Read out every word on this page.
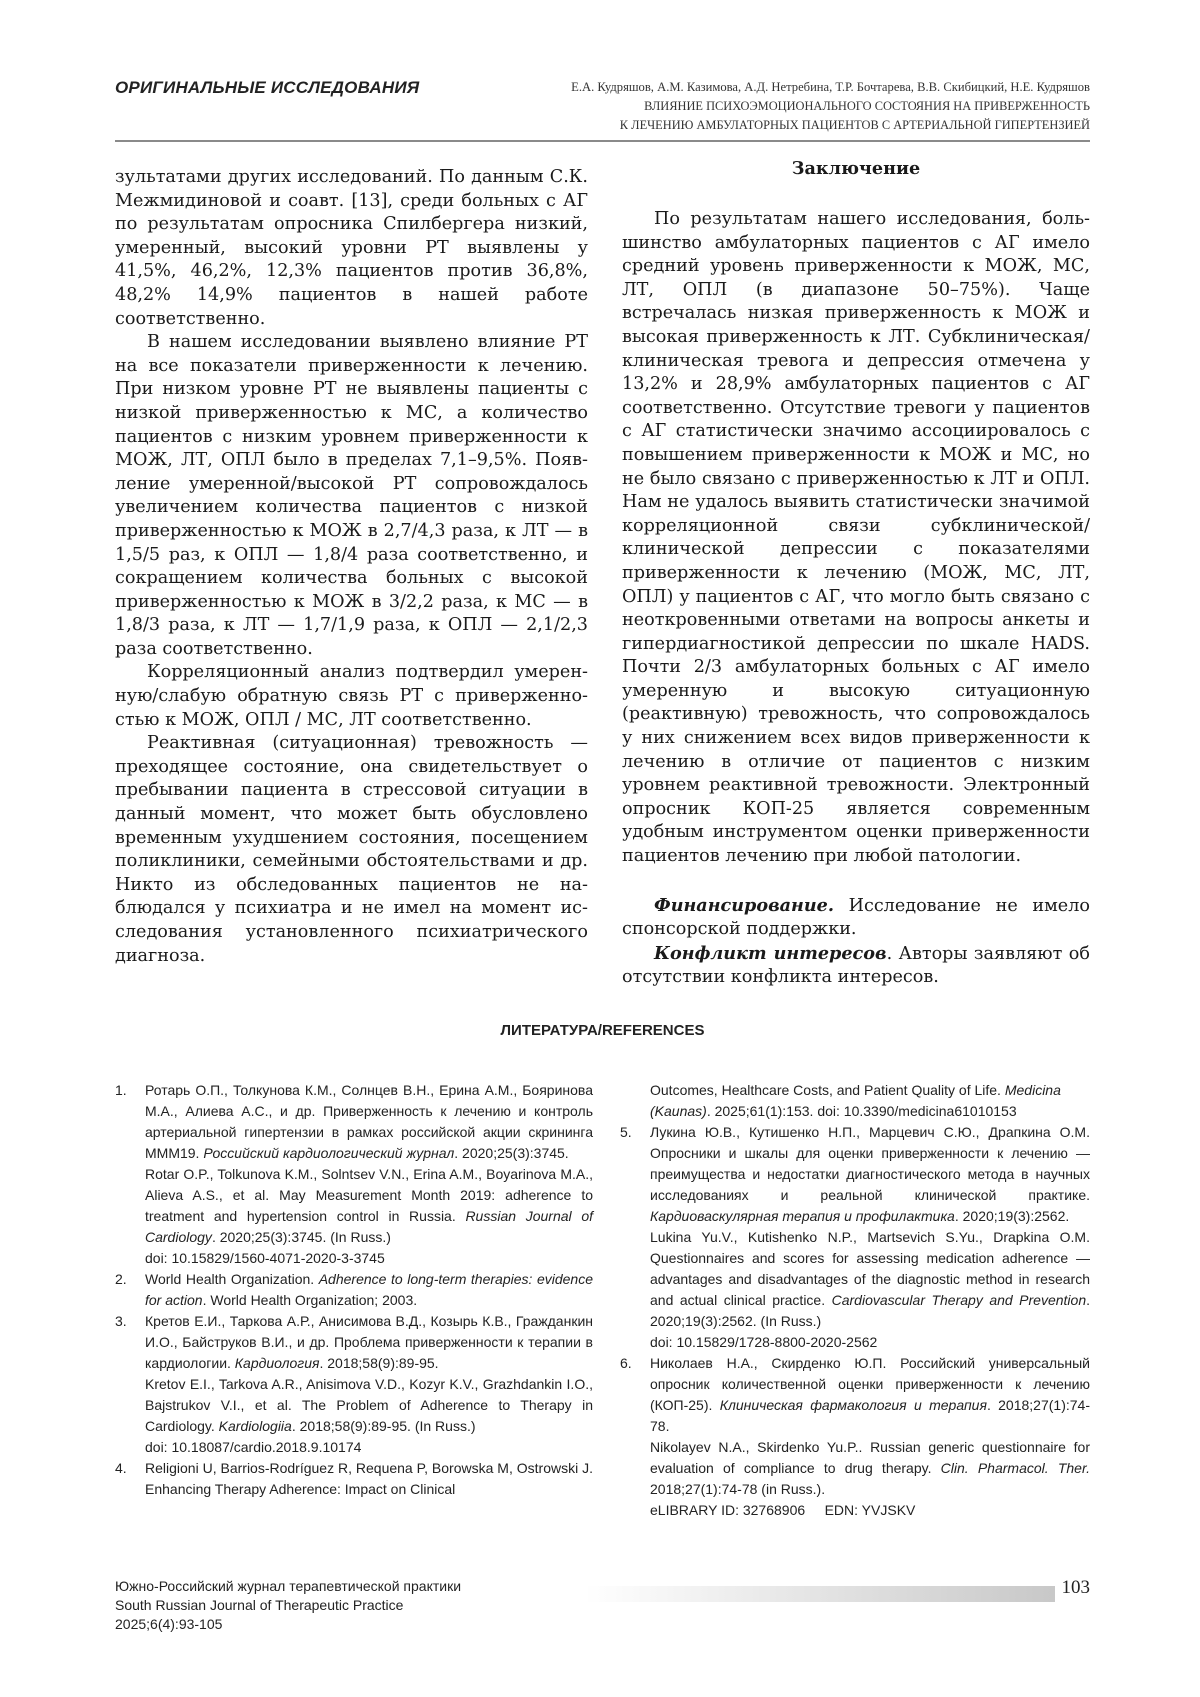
ОРИГИНАЛЬНЫЕ ИССЛЕДОВАНИЯ	Е.А. Кудряшов, А.М. Казимова, А.Д. Нетребина, Т.Р. Бочтарева, В.В. Скибицкий, Н.Е. Кудряшов
ВЛИЯНИЕ ПСИХОЭМОЦИОНАЛЬНОГО СОСТОЯНИЯ НА ПРИВЕРЖЕННОСТЬ
К ЛЕЧЕНИЮ АМБУЛАТОРНЫХ ПАЦИЕНТОВ С АРТЕРИАЛЬНОЙ ГИПЕРТЕНЗИЕЙ

зультатами других исследований. По данным С.К. Межмидиновой и соавт. [13], среди больных с АГ по результатам опросника Спилбергера низкий, умеренный, высокий уровни РТ выявлены у 41,5%, 46,2%, 12,3% пациентов против 36,8%, 48,2% 14,9% пациентов в нашей работе соответственно.

В нашем исследовании выявлено влияние РТ на все показатели приверженности к лечению. При низком уровне РТ не выявлены пациенты с низкой приверженностью к МС, а количество пациентов с низким уровнем приверженности к МОЖ, ЛТ, ОПЛ было в пределах 7,1–9,5%. Появление умеренной/высокой РТ сопровождалось увеличением количества пациентов с низкой приверженностью к МОЖ в 2,7/4,3 раза, к ЛТ — в 1,5/5 раз, к ОПЛ — 1,8/4 раза соответственно, и сокращением количества больных с высокой приверженностью к МОЖ в 3/2,2 раза, к МС — в 1,8/3 раза, к ЛТ — 1,7/1,9 раза, к ОПЛ — 2,1/2,3 раза соответственно.

Корреляционный анализ подтвердил умеренную/слабую обратную связь РТ с приверженностью к МОЖ, ОПЛ / МС, ЛТ соответственно.

Реактивная (ситуационная) тревожность — преходящее состояние, она свидетельствует о пребывании пациента в стрессовой ситуации в данный момент, что может быть обусловлено временным ухудшением состояния, посещением поликлиники, семейными обстоятельствами и др. Никто из обследованных пациентов не наблюдался у психиатра и не имел на момент исследования установленного психиатрического диагноза.

Заключение

По результатам нашего исследования, большинство амбулаторных пациентов с АГ имело средний уровень приверженности к МОЖ, МС, ЛТ, ОПЛ (в диапазоне 50–75%). Чаще встречалась низкая приверженность к МОЖ и высокая приверженность к ЛТ. Субклиническая/клиническая тревога и депрессия отмечена у 13,2% и 28,9% амбулаторных пациентов с АГ соответственно. Отсутствие тревоги у пациентов с АГ статистически значимо ассоциировалось с повышением приверженности к МОЖ и МС, но не было связано с приверженностью к ЛТ и ОПЛ. Нам не удалось выявить статистически значимой корреляционной связи субклинической/клинической депрессии с показателями приверженности к лечению (МОЖ, МС, ЛТ, ОПЛ) у пациентов с АГ, что могло быть связано с неоткровенными ответами на вопросы анкеты и гипердиагностикой депрессии по шкале HADS. Почти 2/3 амбулаторных больных с АГ имело умеренную и высокую ситуационную (реактивную) тревожность, что сопровождалось у них снижением всех видов приверженности к лечению в отличие от пациентов с низким уровнем реактивной тревожности. Электронный опросник КОП-25 является современным удобным инструментом оценки приверженности пациентов лечению при любой патологии.

Финансирование. Исследование не имело спонсорской поддержки.

Конфликт интересов. Авторы заявляют об отсутствии конфликта интересов.

ЛИТЕРАТУРА/REFERENCES
1. Ротарь О.П., Толкунова К.М., Солнцев В.Н., Ерина А.М., Бояринова М.А., Алиева А.С., и др. Приверженность к лечению и контроль артериальной гипертензии в рамках российской акции скрининга MMM19. Российский кардиологический журнал. 2020;25(3):3745.
Rotar O.P., Tolkunova K.M., Solntsev V.N., Erina A.M., Boyarinova M.A., Alieva A.S., et al. May Measurement Month 2019: adherence to treatment and hypertension control in Russia. Russian Journal of Cardiology. 2020;25(3):3745. (In Russ.)
doi: 10.15829/1560-4071-2020-3-3745
2. World Health Organization. Adherence to long-term therapies: evidence for action. World Health Organization; 2003.
3. Кретов Е.И., Таркова А.Р., Анисимова В.Д., Козырь К.В., Гражданкин И.О., Байструков В.И., и др. Проблема приверженности к терапии в кардиологии. Кардиология. 2018;58(9):89-95.
Kretov E.I., Tarkova A.R., Anisimova V.D., Kozyr K.V., Grazhdankin I.O., Bajstrukov V.I., et al. The Problem of Adherence to Therapy in Cardiology. Kardiologiia. 2018;58(9):89-95. (In Russ.)
doi: 10.18087/cardio.2018.9.10174
4. Religioni U, Barrios-Rodríguez R, Requena P, Borowska M, Ostrowski J. Enhancing Therapy Adherence: Impact on Clinical
Outcomes, Healthcare Costs, and Patient Quality of Life. Medicina (Kaunas). 2025;61(1):153. doi: 10.3390/medicina61010153
5. Лукина Ю.В., Кутишенко Н.П., Марцевич С.Ю., Драпкина О.М. Опросники и шкалы для оценки приверженности к лечению — преимущества и недостатки диагностического метода в научных исследованиях и реальной клинической практике. Кардиоваскулярная терапия и профилактика. 2020;19(3):2562.
Lukina Yu.V., Kutishenko N.P., Martsevich S.Yu., Drapkina O.M. Questionnaires and scores for assessing medication adherence — advantages and disadvantages of the diagnostic method in research and actual clinical practice. Cardiovascular Therapy and Prevention. 2020;19(3):2562. (In Russ.)
doi: 10.15829/1728-8800-2020-2562
6. Николаев Н.А., Скирденко Ю.П. Российский универсальный опросник количественной оценки приверженности к лечению (КОП-25). Клиническая фармакология и терапия. 2018;27(1):74-78.
Nikolayev N.A., Skirdenko Yu.P.. Russian generic questionnaire for evaluation of compliance to drug therapy. Clin. Pharmacol. Ther. 2018;27(1):74-78 (in Russ.).
eLIBRARY ID: 32768906     EDN: YVJSKV
Южно-Российский журнал терапевтической практики
South Russian Journal of Therapeutic Practice
2025;6(4):93-105
103
